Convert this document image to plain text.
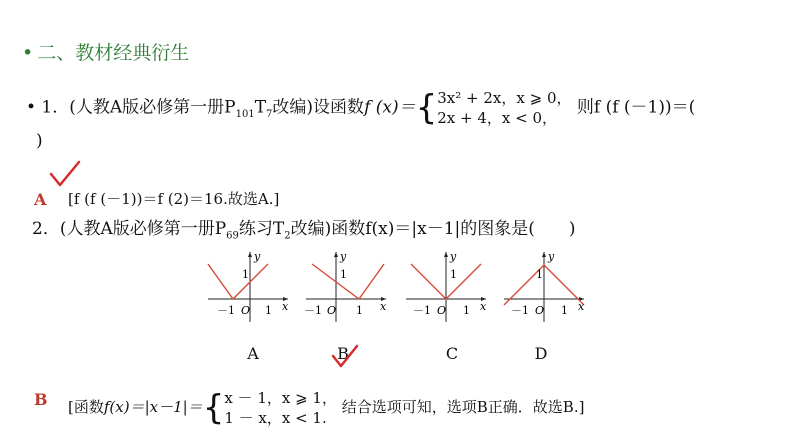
• 二、教材经典衍生
• 1．(人教A版必修第一册$P_{101}T_7$改编)设函数f (x)＝{3x² + 2x，x ⩾ 0，
2x + 4，x < 0， 则f (f (－1))＝(
)
A [f (f (－1))＝f (2)＝16.故选A.]
2．(人教A版必修第一册$P_{69}$练习$T_2$改编)函数f(x)＝|x－1|的图象是(　　)
y
x
1
－1 O 1
y
x
1
－1 O 1
y
x
1
－1 O 1
y
x
1
－1 O 1
A	B	C	D
B [函数f(x)＝|x－1|＝{x － 1，x ⩾ 1，
1 － x，x < 1. 结合选项可知，选项B正确．故选B.]
